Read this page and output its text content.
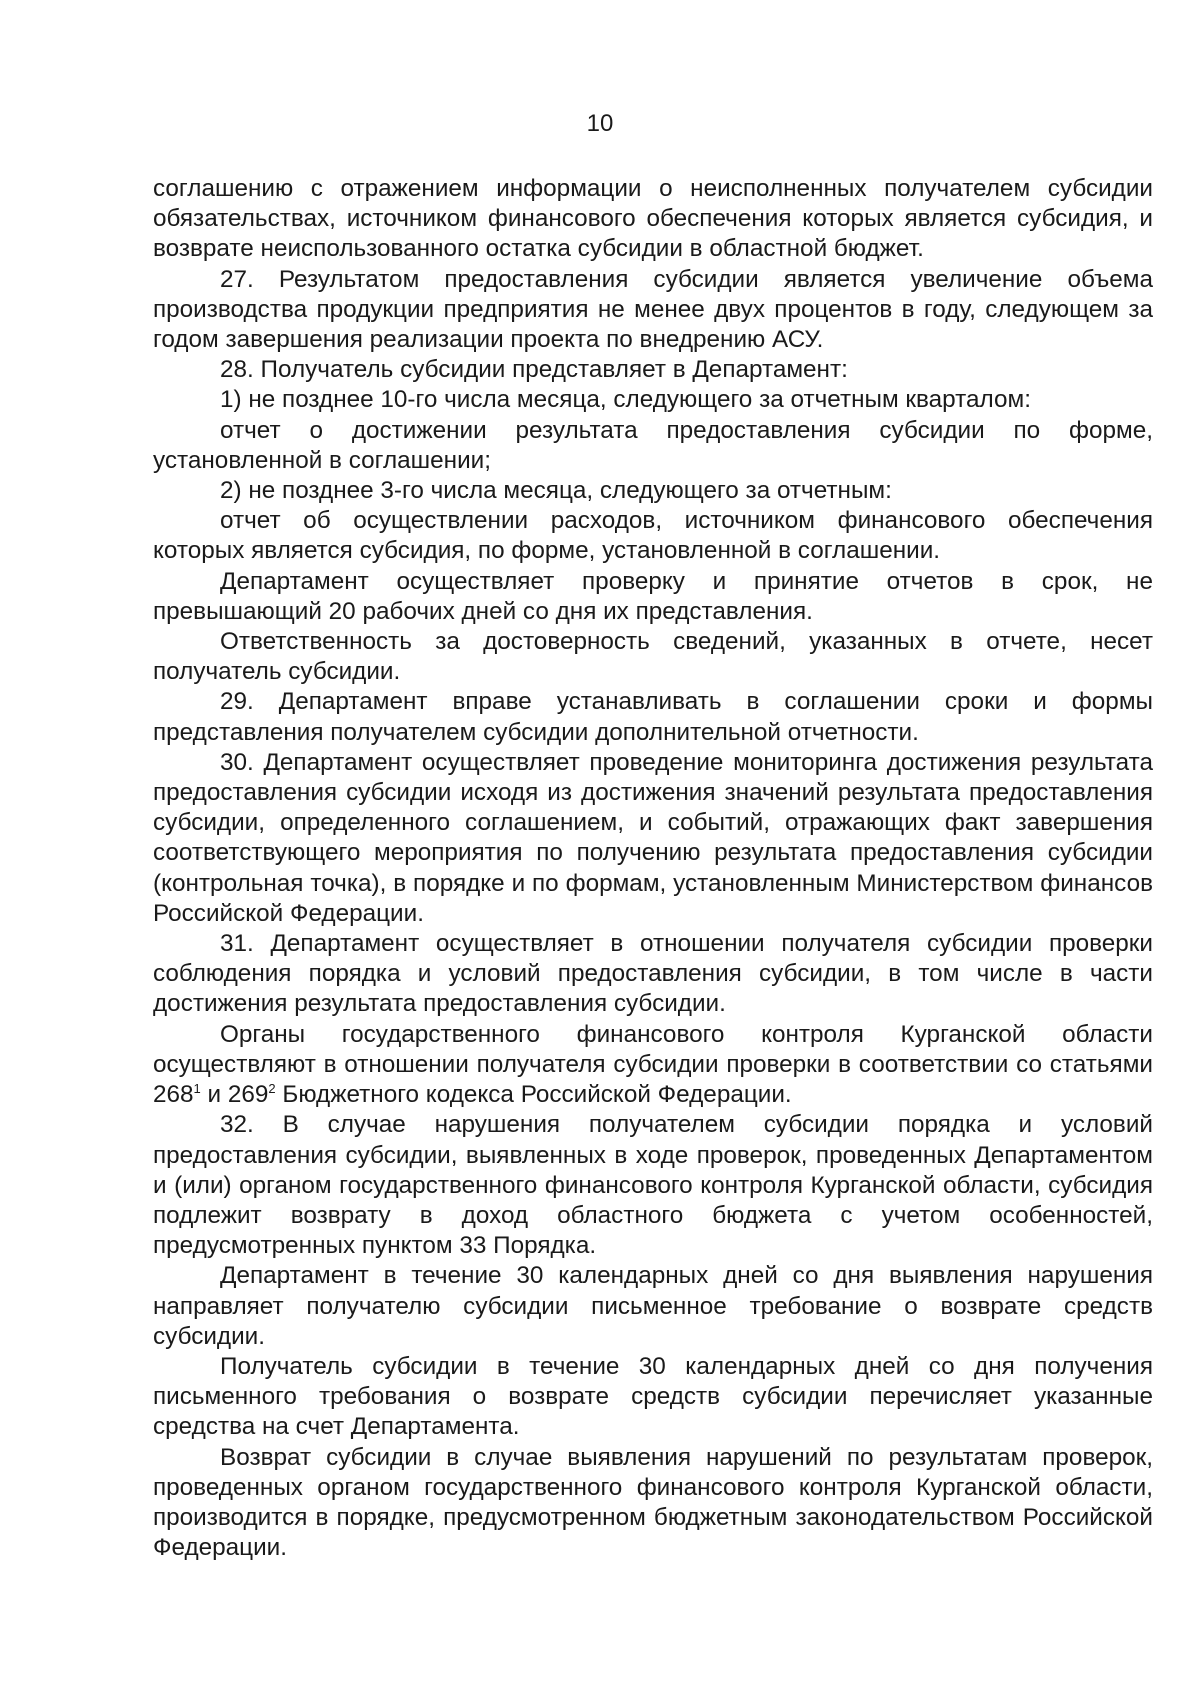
10

соглашению с отражением информации о неисполненных получателем субсидии обязательствах, источником финансового обеспечения которых является субсидия, и возврате неиспользованного остатка субсидии в областной бюджет.

27. Результатом предоставления субсидии является увеличение объема производства продукции предприятия не менее двух процентов в году, следующем за годом завершения реализации проекта по внедрению АСУ.

28. Получатель субсидии представляет в Департамент:

1) не позднее 10-го числа месяца, следующего за отчетным кварталом:

отчет о достижении результата предоставления субсидии по форме, установленной в соглашении;

2) не позднее 3-го числа месяца, следующего за отчетным:

отчет об осуществлении расходов, источником финансового обеспечения которых является субсидия, по форме, установленной в соглашении.

Департамент осуществляет проверку и принятие отчетов в срок, не превышающий 20 рабочих дней со дня их представления.

Ответственность за достоверность сведений, указанных в отчете, несет получатель субсидии.

29. Департамент вправе устанавливать в соглашении сроки и формы представления получателем субсидии дополнительной отчетности.

30. Департамент осуществляет проведение мониторинга достижения результата предоставления субсидии исходя из достижения значений результата предоставления субсидии, определенного соглашением, и событий, отражающих факт завершения соответствующего мероприятия по получению результата предоставления субсидии (контрольная точка), в порядке и по формам, установленным Министерством финансов Российской Федерации.

31. Департамент осуществляет в отношении получателя субсидии проверки соблюдения порядка и условий предоставления субсидии, в том числе в части достижения результата предоставления субсидии.

Органы государственного финансового контроля Курганской области осуществляют в отношении получателя субсидии проверки в соответствии со статьями $268^1$ и $269^2$ Бюджетного кодекса Российской Федерации.

32. В случае нарушения получателем субсидии порядка и условий предоставления субсидии, выявленных в ходе проверок, проведенных Департаментом и (или) органом государственного финансового контроля Курганской области, субсидия подлежит возврату в доход областного бюджета с учетом особенностей, предусмотренных пунктом 33 Порядка.

Департамент в течение 30 календарных дней со дня выявления нарушения направляет получателю субсидии письменное требование о возврате средств субсидии.

Получатель субсидии в течение 30 календарных дней со дня получения письменного требования о возврате средств субсидии перечисляет указанные средства на счет Департамента.

Возврат субсидии в случае выявления нарушений по результатам проверок, проведенных органом государственного финансового контроля Курганской области, производится в порядке, предусмотренном бюджетным законодательством Российской Федерации.
